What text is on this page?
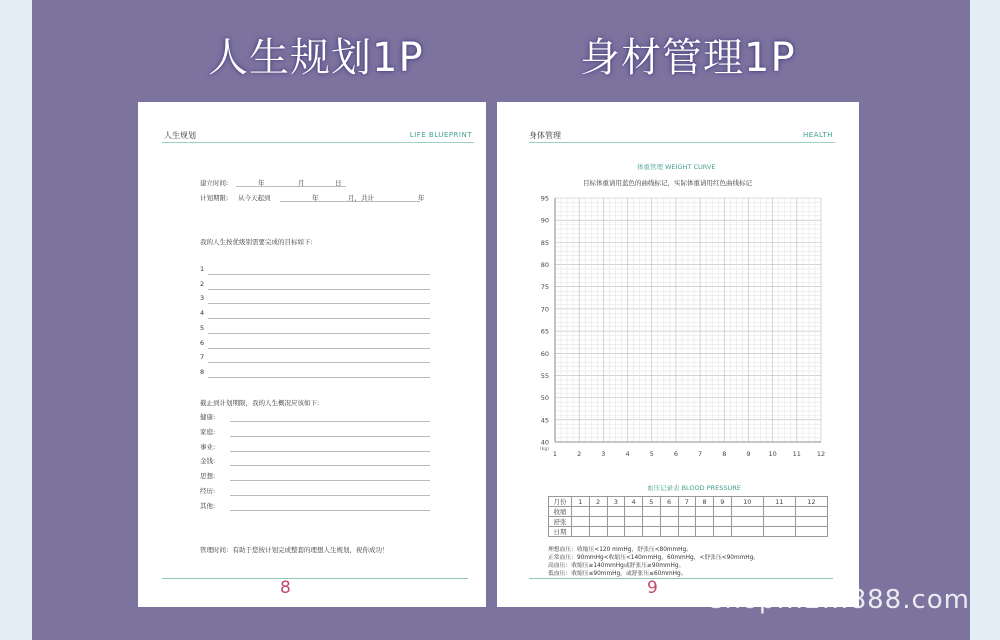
人生规划1P	身材管理1P
人生规划	LIFE BLUEPRINT
建立时间:	年	月	日
计划期限: 从今天起到	年	月，共计	年
我的人生按优级别需要完成的目标如下:
1
2
3
4
5
6
7
8
截止到计划期限，我的人生概况应该如下:
健康:
家庭:
事业:
金钱:
思想:
经历:
其他:
管理时间：有助于您按计划完成整套的理想人生规划，祝你成功！
8
身体管理	HEALTH
体重管理 WEIGHT CURVE
目标体重请用蓝色的曲线标记，实际体重请用红色曲线标记
40
45
50
55
60
65
70
75
80
85
90
95
1	2	3	4	5	6	7	8	9	10 11 12
(kg)
血压记录表 BLOOD PRESSURE
月份	1	2	3	4	5	6	7	8	9	10	11	12
收缩												
舒张												
日期												
理想血压：收缩压<120 mmHg，舒张压<80mmHg。
正常血压：90mmHg<收缩压<140mmHg，60mmHg，<舒张压<90mmHg。
高血压：收缩压≥140mmHg或舒张压≥90mmHg。
低血压：收缩压≤90mmHg，或舒张压≤60mmHg。
9 shop...2...888.com
